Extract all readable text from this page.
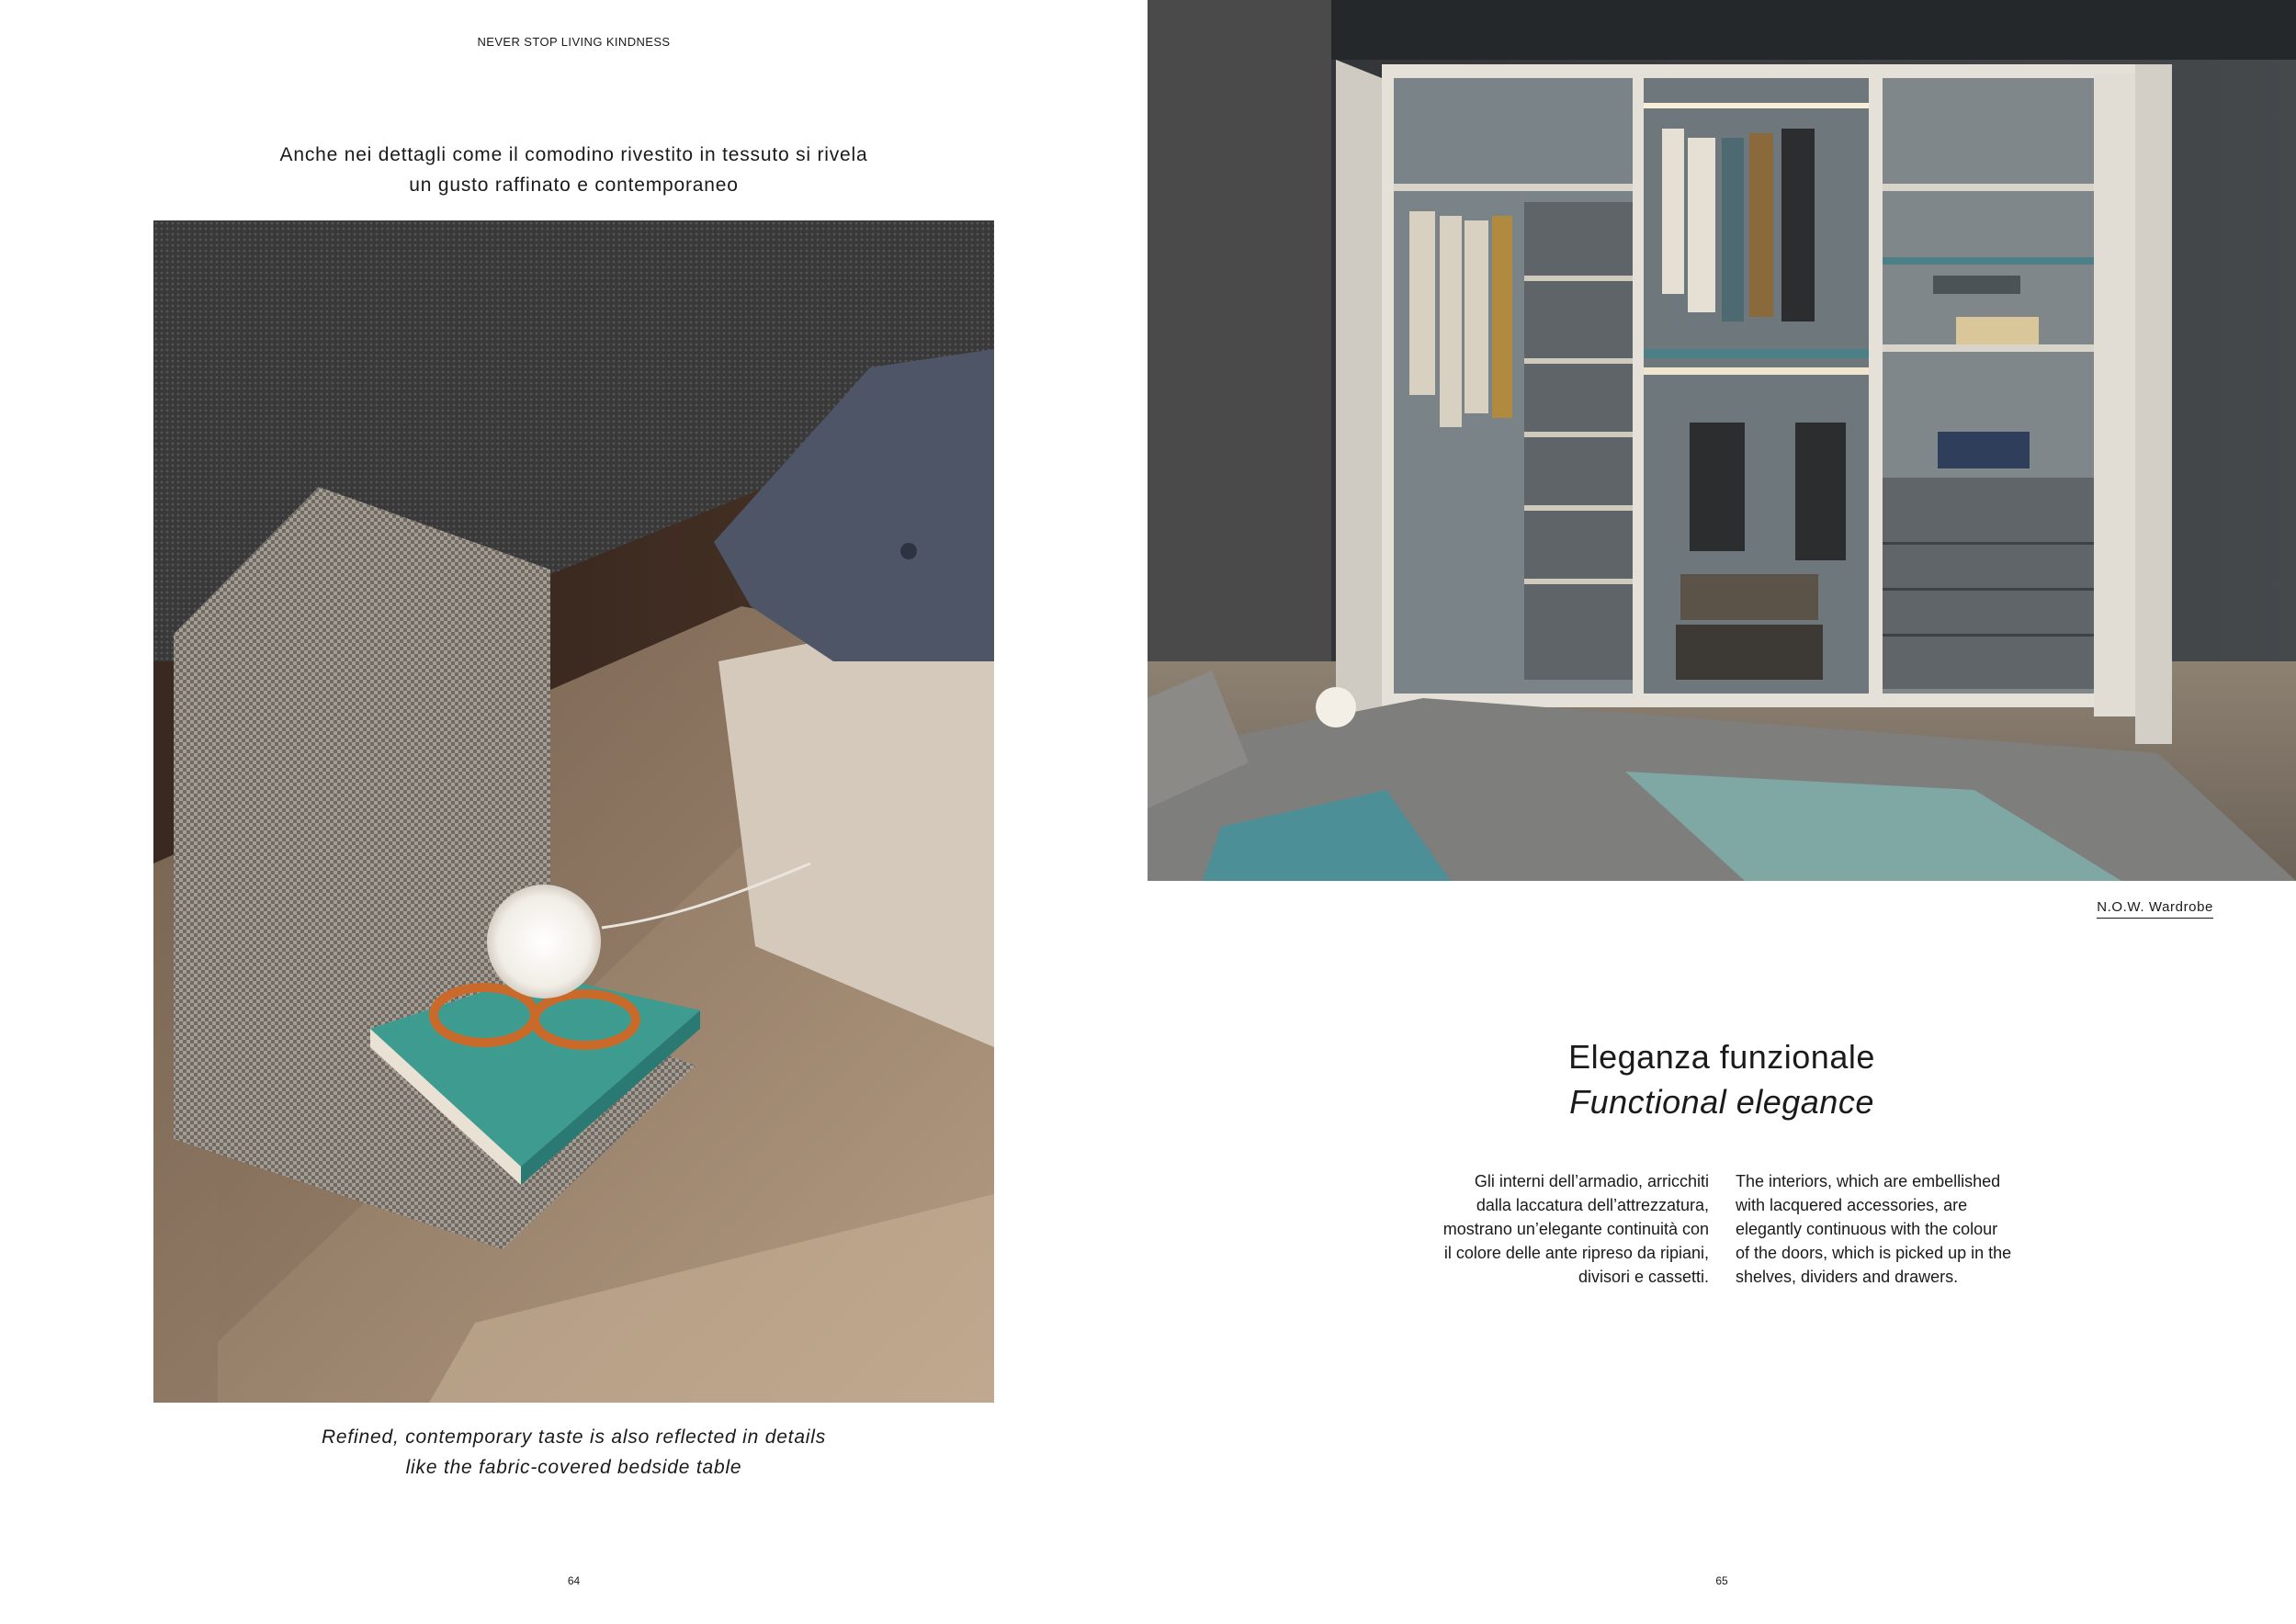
NEVER STOP LIVING KINDNESS
Anche nei dettagli come il comodino rivestito in tessuto si rivela
un gusto raffinato e contemporaneo
Refined, contemporary taste is also reflected in details
like the fabric-covered bedside table
64
N.O.W. Wardrobe
Eleganza funzionale
Functional elegance
Gli interni dell’armadio, arricchiti
dalla laccatura dell’attrezzatura,
mostrano un’elegante continuità con
il colore delle ante ripreso da ripiani,
divisori e cassetti.
The interiors, which are embellished
with lacquered accessories, are
elegantly continuous with the colour
of the doors, which is picked up in the
shelves, dividers and drawers.
65
